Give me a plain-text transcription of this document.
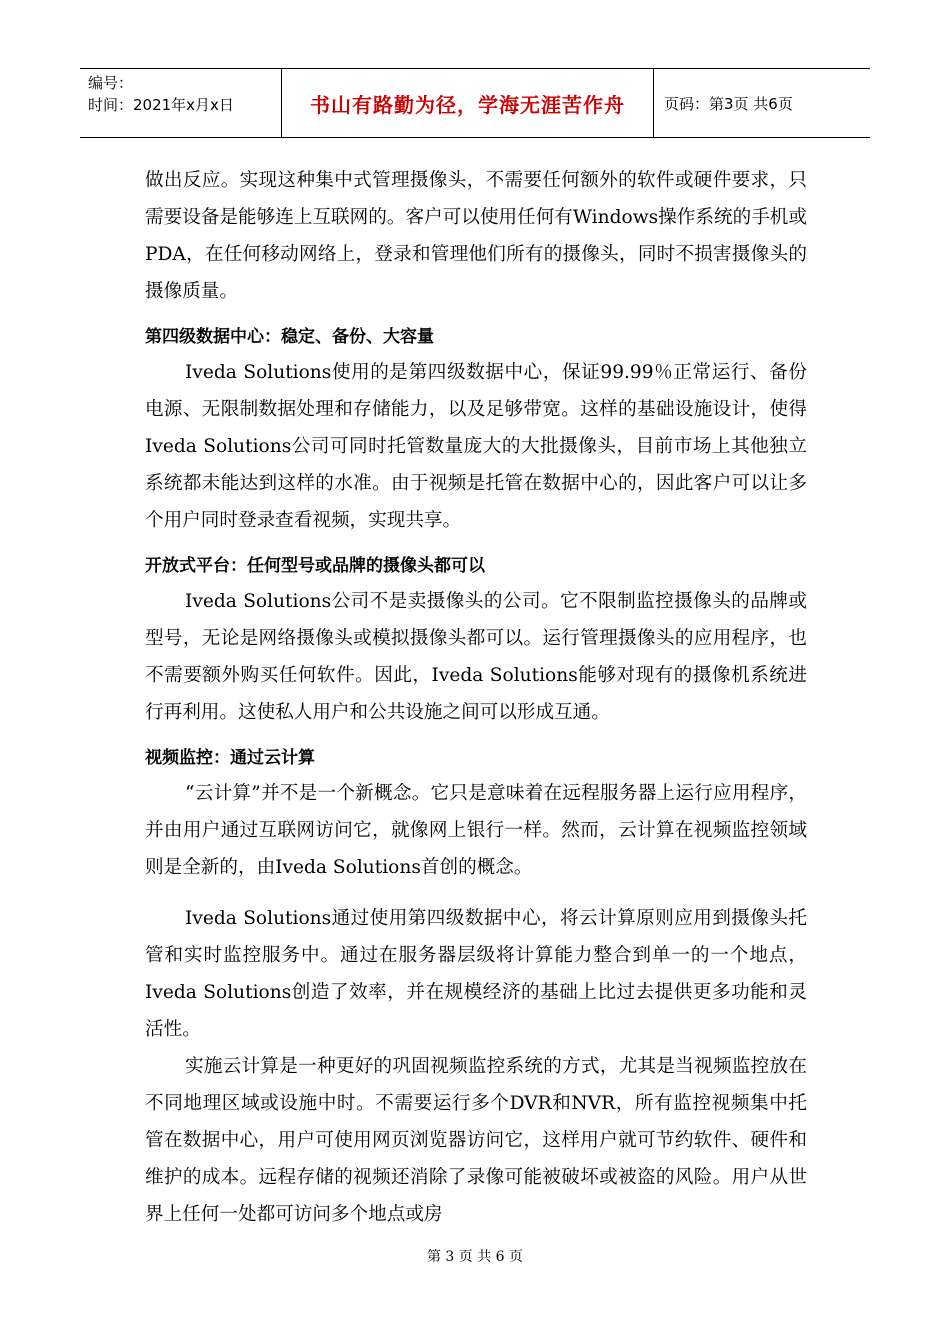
编号：
时间：2021年x月x日	书山有路勤为径，学海无涯苦作舟	页码：第3页 共6页

做出反应。实现这种集中式管理摄像头，不需要任何额外的软件或硬件要求，只需要设备是能够连上互联网的。客户可以使用任何有Windows操作系统的手机或PDA，在任何移动网络上，登录和管理他们所有的摄像头，同时不损害摄像头的摄像质量。

第四级数据中心：稳定、备份、大容量

Iveda Solutions使用的是第四级数据中心，保证99.99％正常运行、备份电源、无限制数据处理和存储能力，以及足够带宽。这样的基础设施设计，使得Iveda Solutions公司可同时托管数量庞大的大批摄像头，目前市场上其他独立系统都未能达到这样的水准。由于视频是托管在数据中心的，因此客户可以让多个用户同时登录查看视频，实现共享。

开放式平台：任何型号或品牌的摄像头都可以

Iveda Solutions公司不是卖摄像头的公司。它不限制监控摄像头的品牌或型号，无论是网络摄像头或模拟摄像头都可以。运行管理摄像头的应用程序，也不需要额外购买任何软件。因此，Iveda Solutions能够对现有的摄像机系统进行再利用。这使私人用户和公共设施之间可以形成互通。

视频监控：通过云计算

“云计算”并不是一个新概念。它只是意味着在远程服务器上运行应用程序，并由用户通过互联网访问它，就像网上银行一样。然而，云计算在视频监控领域则是全新的，由Iveda Solutions首创的概念。

Iveda Solutions通过使用第四级数据中心，将云计算原则应用到摄像头托管和实时监控服务中。通过在服务器层级将计算能力整合到单一的一个地点，Iveda Solutions创造了效率，并在规模经济的基础上比过去提供更多功能和灵活性。

实施云计算是一种更好的巩固视频监控系统的方式，尤其是当视频监控放在不同地理区域或设施中时。不需要运行多个DVR和NVR，所有监控视频集中托管在数据中心，用户可使用网页浏览器访问它，这样用户就可节约软件、硬件和维护的成本。远程存储的视频还消除了录像可能被破坏或被盗的风险。用户从世界上任何一处都可访问多个地点或房

第 3 页 共 6 页
